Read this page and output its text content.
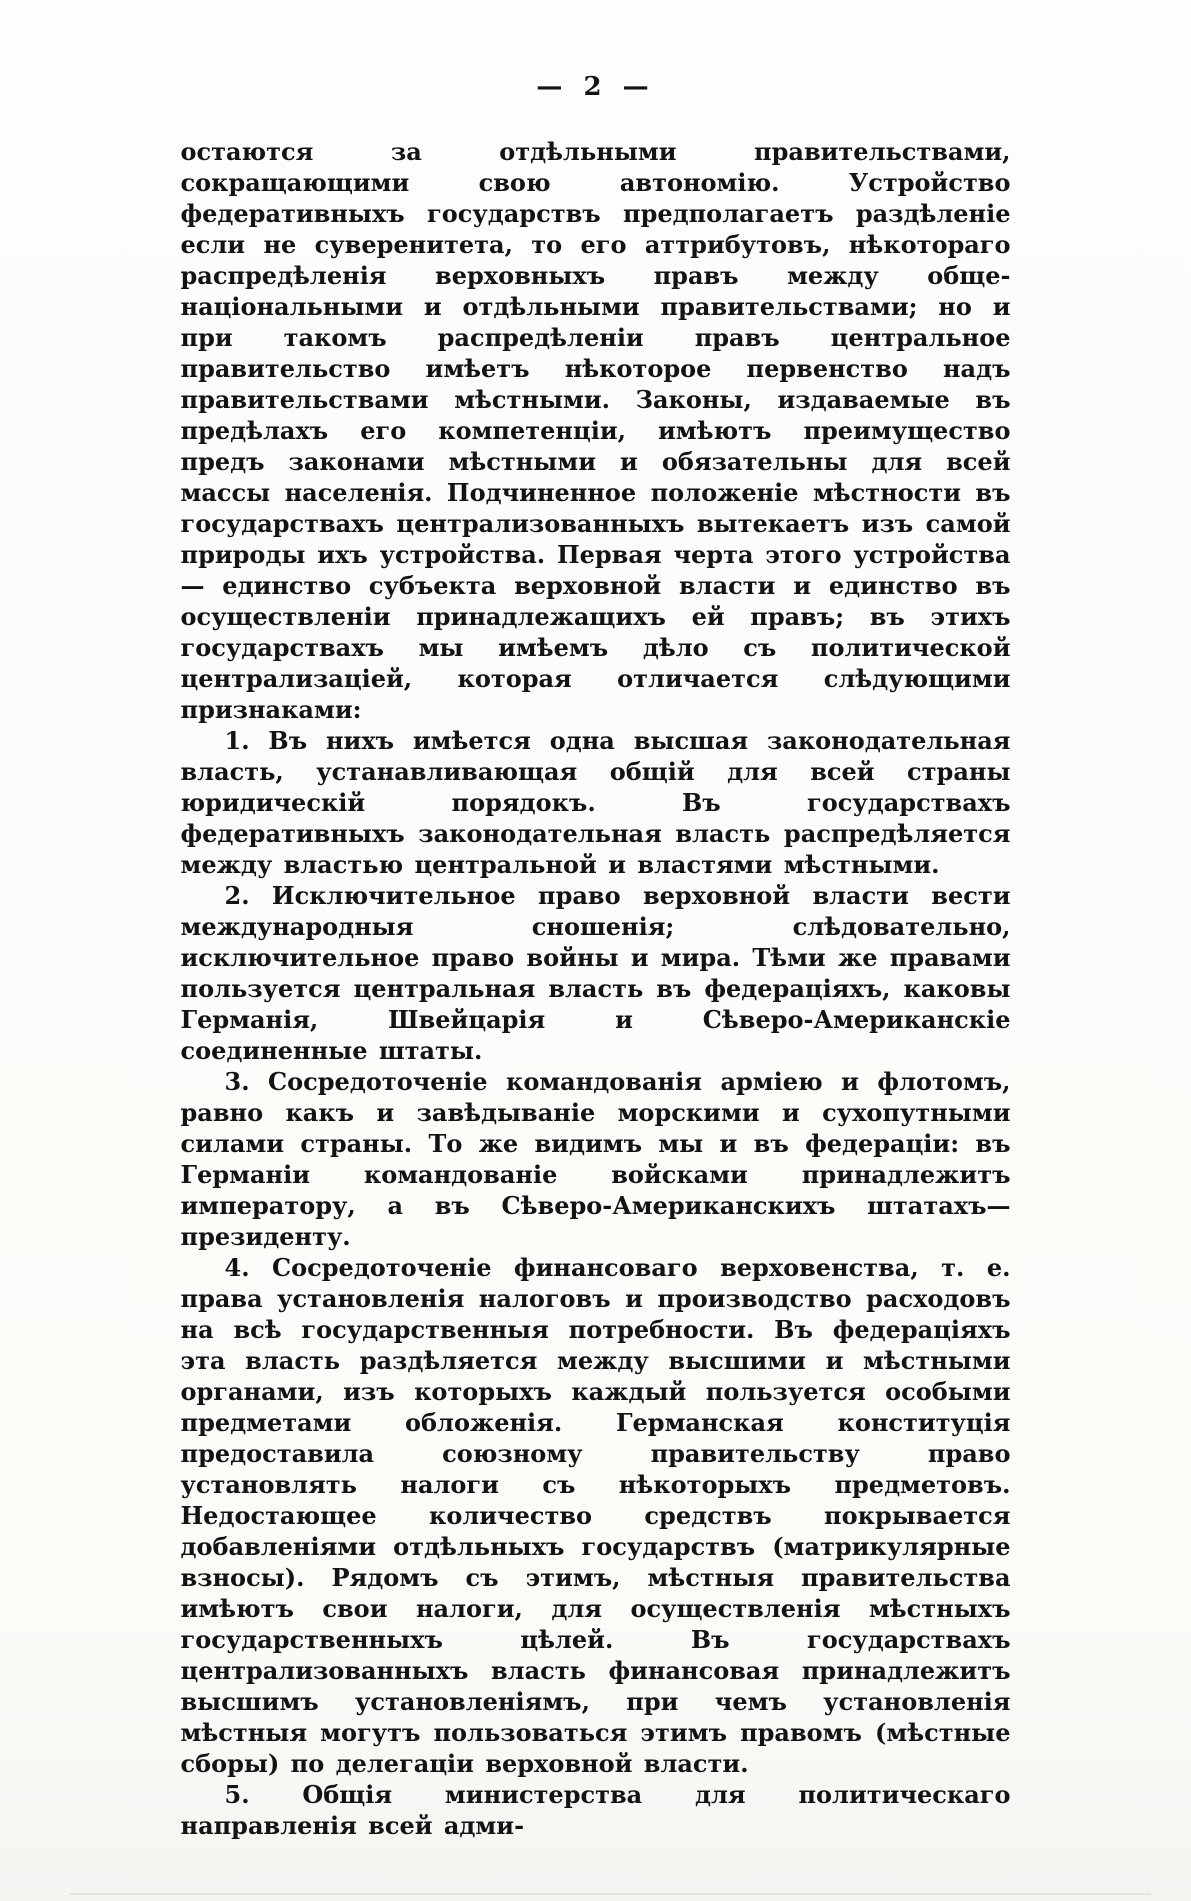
— 2 —

остаются за отдѣльными правительствами, сокращающими свою автономію. Устройство федеративныхъ государствъ предполагаетъ раздѣленіе если не суверенитета, то его аттрибутовъ, нѣкотораго распредѣленія верховныхъ правъ между обще-національными и отдѣльными правительствами; но и при такомъ распредѣленіи правъ центральное правительство имѣетъ нѣкоторое первенство надъ правительствами мѣстными. Законы, издаваемые въ предѣлахъ его компетенціи, имѣютъ преимущество предъ законами мѣстными и обязательны для всей массы населенія. Подчиненное положеніе мѣстности въ государствахъ централизованныхъ вытекаетъ изъ самой природы ихъ устройства. Первая черта этого устройства — единство субъекта верховной власти и единство въ осуществленіи принадлежащихъ ей правъ; въ этихъ государствахъ мы имѣемъ дѣло съ политической централизаціей, которая отличается слѣдующими признаками:

1. Въ нихъ имѣется одна высшая законодательная власть, устанавливающая общій для всей страны юридическій порядокъ. Въ государствахъ федеративныхъ законодательная власть распредѣляется между властью центральной и властями мѣстными.

2. Исключительное право верховной власти вести международныя сношенія; слѣдовательно, исключительное право войны и мира. Тѣми же правами пользуется центральная власть въ федераціяхъ, каковы Германія, Швейцарія и Сѣверо-Американскіе соединенные штаты.

3. Сосредоточеніе командованія арміею и флотомъ, равно какъ и завѣдываніе морскими и сухопутными силами страны. То же видимъ мы и въ федераціи: въ Германіи командованіе войсками принадлежитъ императору, а въ Сѣверо-Американскихъ штатахъ—президенту.

4. Сосредоточеніе финансоваго верховенства, т. е. права установленія налоговъ и производство расходовъ на всѣ государственныя потребности. Въ федераціяхъ эта власть раздѣляется между высшими и мѣстными органами, изъ которыхъ каждый пользуется особыми предметами обложенія. Германская конституція предоставила союзному правительству право установлять налоги съ нѣкоторыхъ предметовъ. Недостающее количество средствъ покрывается добавленіями отдѣльныхъ государствъ (матрикулярные взносы). Рядомъ съ этимъ, мѣстныя правительства имѣютъ свои налоги, для осуществленія мѣстныхъ государственныхъ цѣлей. Въ государствахъ централизованныхъ власть финансовая принадлежитъ высшимъ установленіямъ, при чемъ установленія мѣстныя могутъ пользоваться этимъ правомъ (мѣстные сборы) по делегаціи верховной власти.

5. Общія министерства для политическаго направленія всей адми-
